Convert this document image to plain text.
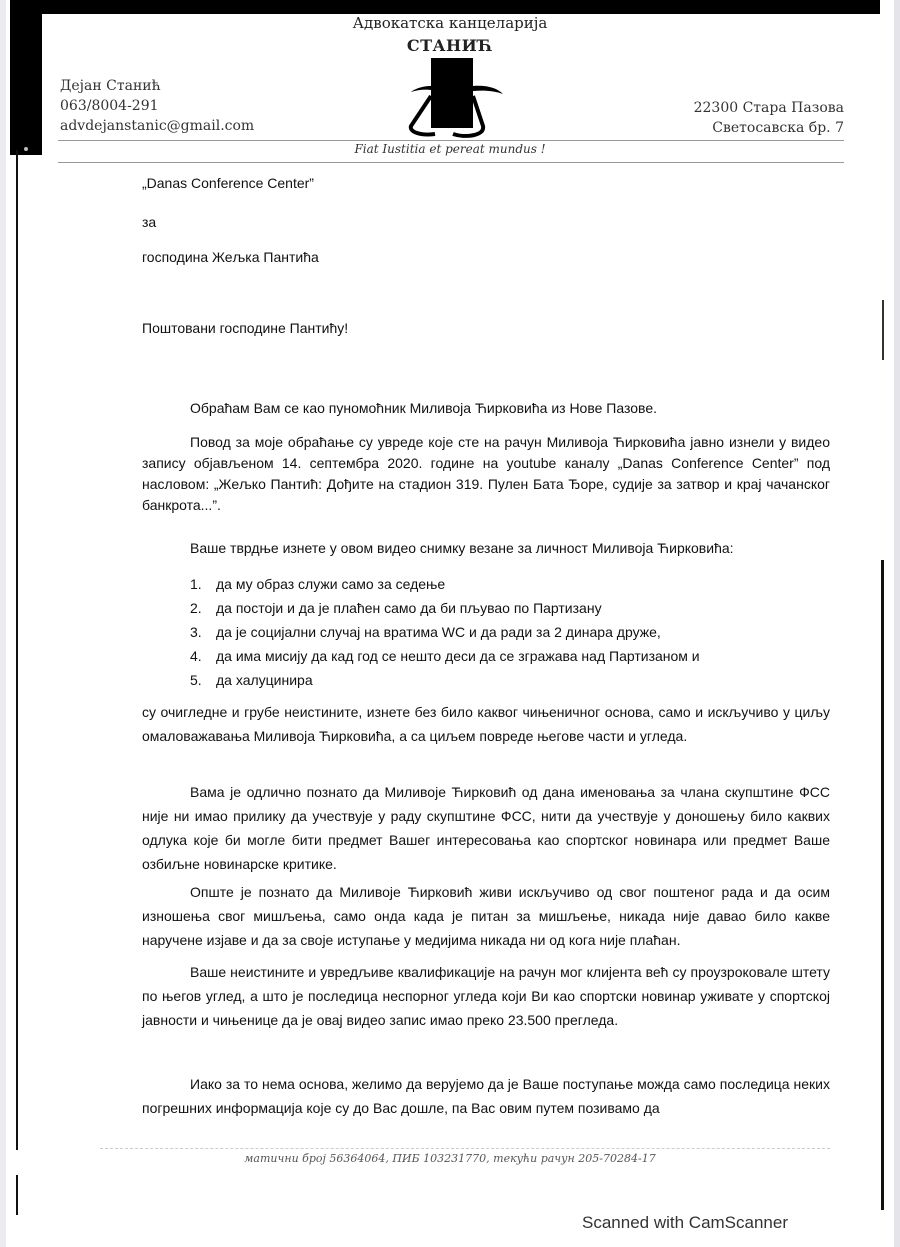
Адвокатска канцеларија
СТАНИЋ
Дејан Станић
063/8004-291
advdejanstanic@gmail.com
22300 Стара Пазова
Светосавска бр. 7
Fiat Iustitia et pereat mundus !
„Danas Conference Center”
за
господина Жељка Пантића
Поштовани господине Пантићу!

Обраћам Вам се као пуномоћник Миливоја Ћирковића из Нове Пазове.

Повод за моје обраћање су увреде које сте на рачун Миливоја Ћирковића јавно изнели у видео запису објављеном 14. септембра 2020. године на youtube каналу „Danas Conference Center” под насловом: „Жељко Пантић: Дођите на стадион 319. Пулен Бата Ђоре, судије за затвор и крај чачанског банкрота...”.

Ваше тврдње изнете у овом видео снимку везане за личност Миливоја Ћирковића:

1. да му образ служи само за седење
2. да постоји и да је плаћен само да би пљувао по Партизану
3. да је социјални случај на вратима WC и да ради за 2 динара друже,
4. да има мисију да кад год се нешто деси да се згражава над Партизаном и
5. да халуцинира

су очигледне и грубе неистините, изнете без било каквог чињеничног основа, само и искључиво у циљу омаловажавања Миливоја Ћирковића, а са циљем повреде његове части и угледа.

Вама је одлично познато да Миливоје Ћирковић од дана именовања за члана скупштине ФСС није ни имао прилику да учествује у раду скупштине ФСС, нити да учествује у доношењу било каквих одлука које би могле бити предмет Вашег интересовања као спортског новинара или предмет Ваше озбиљне новинарске критике.

Опште је познато да Миливоје Ћирковић живи искључиво од свог поштеног рада и да осим изношења свог мишљења, само онда када је питан за мишљење, никада није давао било какве наручене изјаве и да за своје иступање у медијима никада ни од кога није плаћан.

Ваше неистините и увредљиве квалификације на рачун мог клијента већ су проузроковале штету по његов углед, а што је последица неспорног угледа који Ви као спортски новинар уживате у спортској јавности и чињенице да је овај видео запис имао преко 23.500 прегледа.

Иако за то нема основа, желимо да верујемо да је Ваше поступање можда само последица неких погрешних информација које су до Вас дошле, па Вас овим путем позивамо да

матични број 56364064, ПИБ 103231770, текући рачун 205-70284-17
Scanned with CamScanner
